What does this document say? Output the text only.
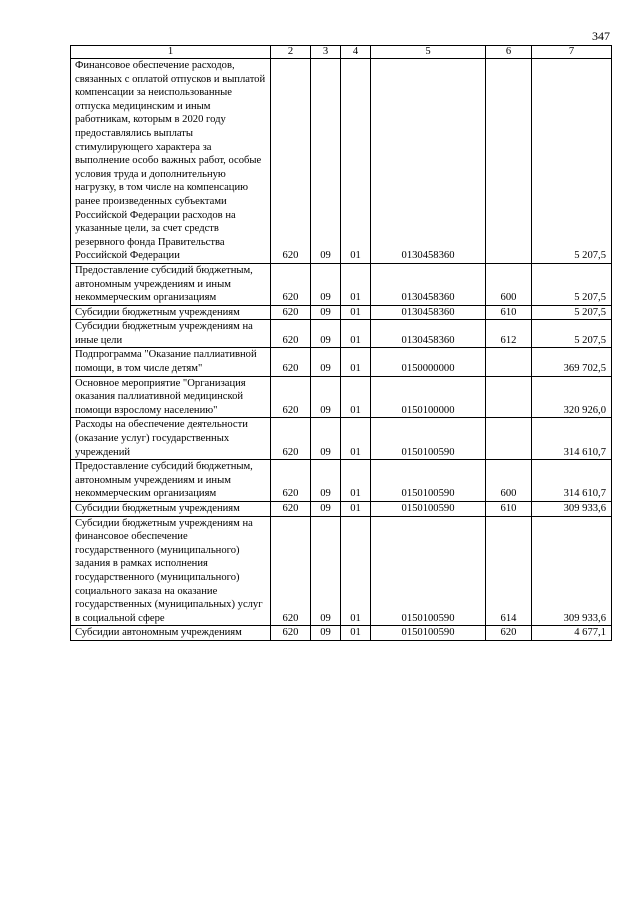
347
1	2	3	4	5	6	7
Финансовое обеспечение расходов, связанных с оплатой отпусков и выплатой компенсации за неиспользованные отпуска медицинским и иным работникам, которым в 2020 году предоставлялись выплаты стимулирующего характера за выполнение особо важных работ, особые условия труда и дополнительную нагрузку, в том числе на компенсацию ранее произведенных субъектами Российской Федерации расходов на указанные цели, за счет средств резервного фонда Правительства Российской Федерации	620	09	01	0130458360		5 207,5
Предоставление субсидий бюджетным, автономным учреждениям и иным некоммерческим организациям	620	09	01	0130458360	600	5 207,5
Субсидии бюджетным учреждениям	620	09	01	0130458360	610	5 207,5
Субсидии бюджетным учреждениям на иные цели	620	09	01	0130458360	612	5 207,5
Подпрограмма "Оказание паллиативной помощи, в том числе детям"	620	09	01	0150000000		369 702,5
Основное мероприятие "Организация оказания паллиативной медицинской помощи взрослому населению"	620	09	01	0150100000		320 926,0
Расходы на обеспечение деятельности (оказание услуг) государственных учреждений	620	09	01	0150100590		314 610,7
Предоставление субсидий бюджетным, автономным учреждениям и иным некоммерческим организациям	620	09	01	0150100590	600	314 610,7
Субсидии бюджетным учреждениям	620	09	01	0150100590	610	309 933,6
Субсидии бюджетным учреждениям на финансовое обеспечение государственного (муниципального) задания в рамках исполнения государственного (муниципального) социального заказа на оказание государственных (муниципальных) услуг в социальной сфере	620	09	01	0150100590	614	309 933,6
Субсидии автономным учреждениям	620	09	01	0150100590	620	4 677,1
